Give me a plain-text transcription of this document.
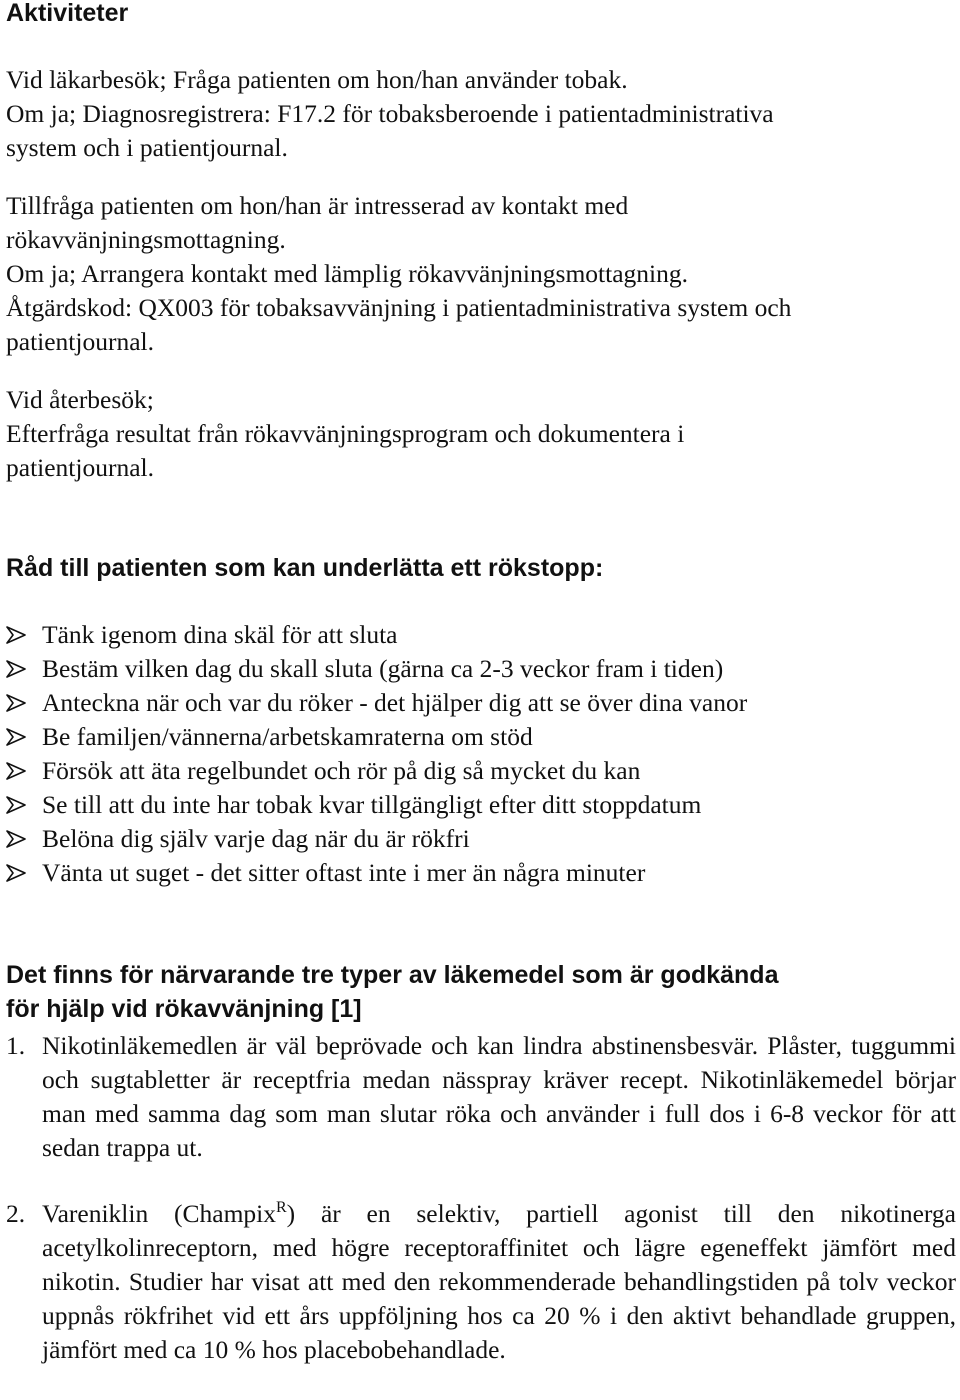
Aktiviteter

Vid läkarbesök; Fråga patienten om hon/han använder tobak.

Om ja; Diagnosregistrera: F17.2 för tobaksberoende i patientadministrativa

system och i patientjournal.

Tillfråga patienten om hon/han är intresserad av kontakt med

rökavvänjningsmottagning.

Om ja; Arrangera kontakt med lämplig rökavvänjningsmottagning.

Åtgärdskod: QX003 för tobaksavvänjning i patientadministrativa system och

patientjournal.

Vid återbesök;

Efterfråga resultat från rökavvänjningsprogram och dokumentera i

patientjournal.

Råd till patienten som kan underlätta ett rökstopp:
Tänk igenom dina skäl för att sluta
Bestäm vilken dag du skall sluta (gärna ca 2-3 veckor fram i tiden)
Anteckna när och var du röker - det hjälper dig att se över dina vanor
Be familjen/vännerna/arbetskamraterna om stöd
Försök att äta regelbundet och rör på dig så mycket du kan
Se till att du inte har tobak kvar tillgängligt efter ditt stoppdatum
Belöna dig själv varje dag när du är rökfri
Vänta ut suget - det sitter oftast inte i mer än några minuter
Det finns för närvarande tre typer av läkemedel som är godkända
för hjälp vid rökavvänjning [1]
1. Nikotinläkemedlen är väl beprövade och kan lindra abstinensbesvär. Plåster, tuggummi och sugtabletter är receptfria medan nässpray kräver recept. Nikotinläkemedel börjar man med samma dag som man slutar röka och använder i full dos i 6-8 veckor för att sedan trappa ut.

2. Vareniklin (Champix$^R$) är en selektiv, partiell agonist till den nikotinerga acetylkolinreceptorn, med högre receptoraffinitet och lägre egeneffekt jämfört med nikotin. Studier har visat att med den rekommenderade behandlingstiden på tolv veckor uppnås rökfrihet vid ett års uppföljning hos ca 20 % i den aktivt behandlade gruppen, jämfört med ca 10 % hos placebobehandlade.
